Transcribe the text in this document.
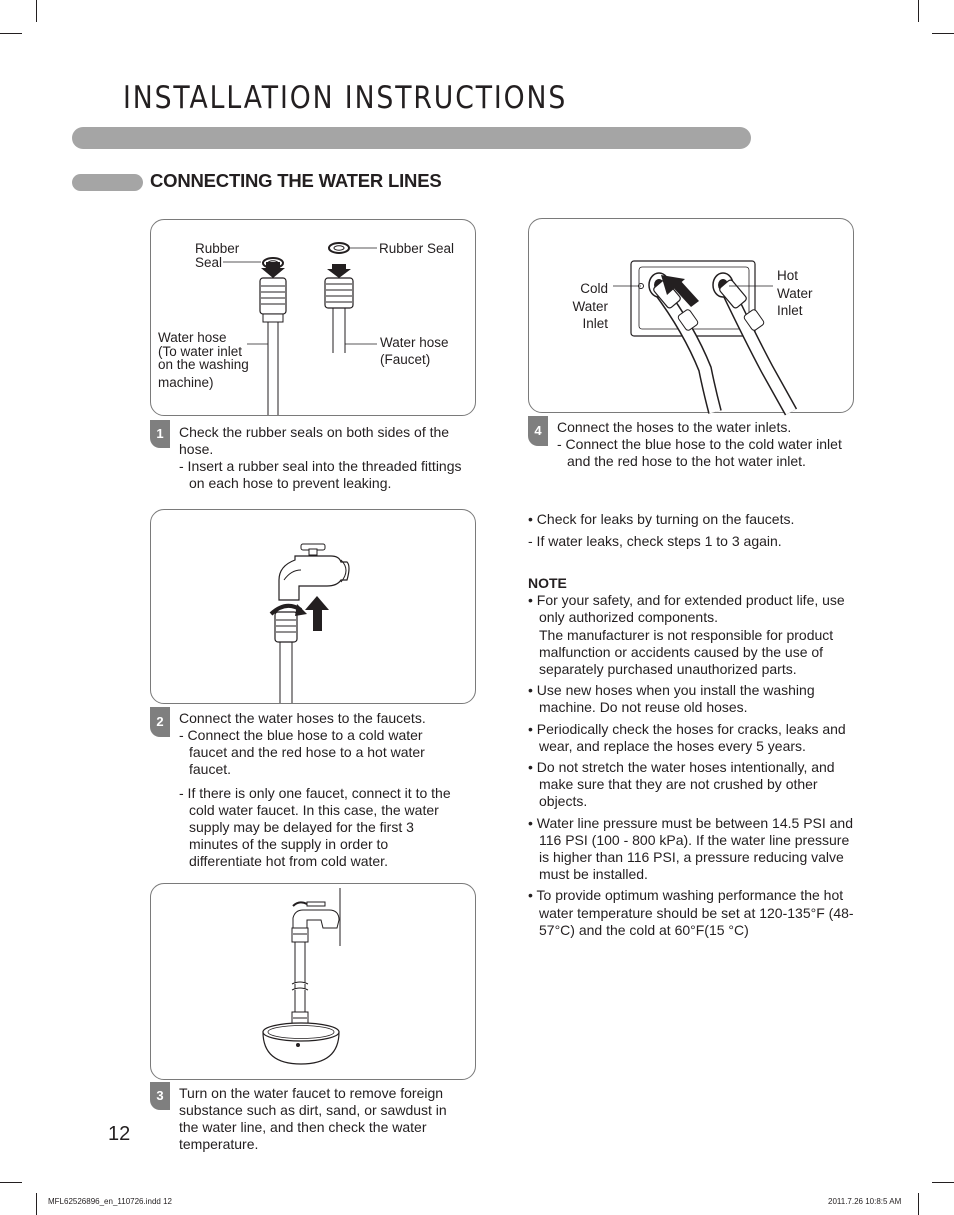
INSTALLATION INSTRUCTIONS
CONNECTING THE WATER LINES
Rubber Seal
Rubber Seal
Water hose
(To water inlet
on the washing
machine)
Water hose
(Faucet)
1	Check the rubber seals on both sides of the hose.

- Insert a rubber seal into the threaded fittings on each hose to prevent leaking.

2	Connect the water hoses to the faucets.

- Connect the blue hose to a cold water faucet and the red hose to a hot water faucet.

- If there is only one faucet, connect it to the cold water faucet. In this case, the water supply may be delayed for the first 3 minutes of the supply in order to differentiate hot from cold water.

3	Turn on the water faucet to remove foreign substance such as dirt, sand, or sawdust in the water line, and then check the water temperature.

Cold
Water
Inlet
Hot
Water
Inlet
4	Connect the hoses to the water inlets.

- Connect the blue hose to the cold water inlet and the red hose to the hot water inlet.

• Check for leaks by turning on the faucets.

- If water leaks, check steps 1 to 3 again.

NOTE

• For your safety, and for extended product life, use only authorized components.

The manufacturer is not responsible for product malfunction or accidents caused by the use of separately purchased unauthorized parts.

• Use new hoses when you install the washing machine. Do not reuse old hoses.

• Periodically check the hoses for cracks, leaks and wear, and replace the hoses every 5 years.

• Do not stretch the water hoses intentionally, and make sure that they are not crushed by other objects.

• Water line pressure must be between 14.5 PSI and 116 PSI (100 - 800 kPa). If the water line pressure is higher than 116 PSI, a pressure reducing valve must be installed.

• To provide optimum washing performance the hot water temperature should be set at 120-135°F (48-57°C) and the cold at 60°F(15 °C)

12
MFL62526896_en_110726.indd 12	2011.7.26 10:8:5 AM
